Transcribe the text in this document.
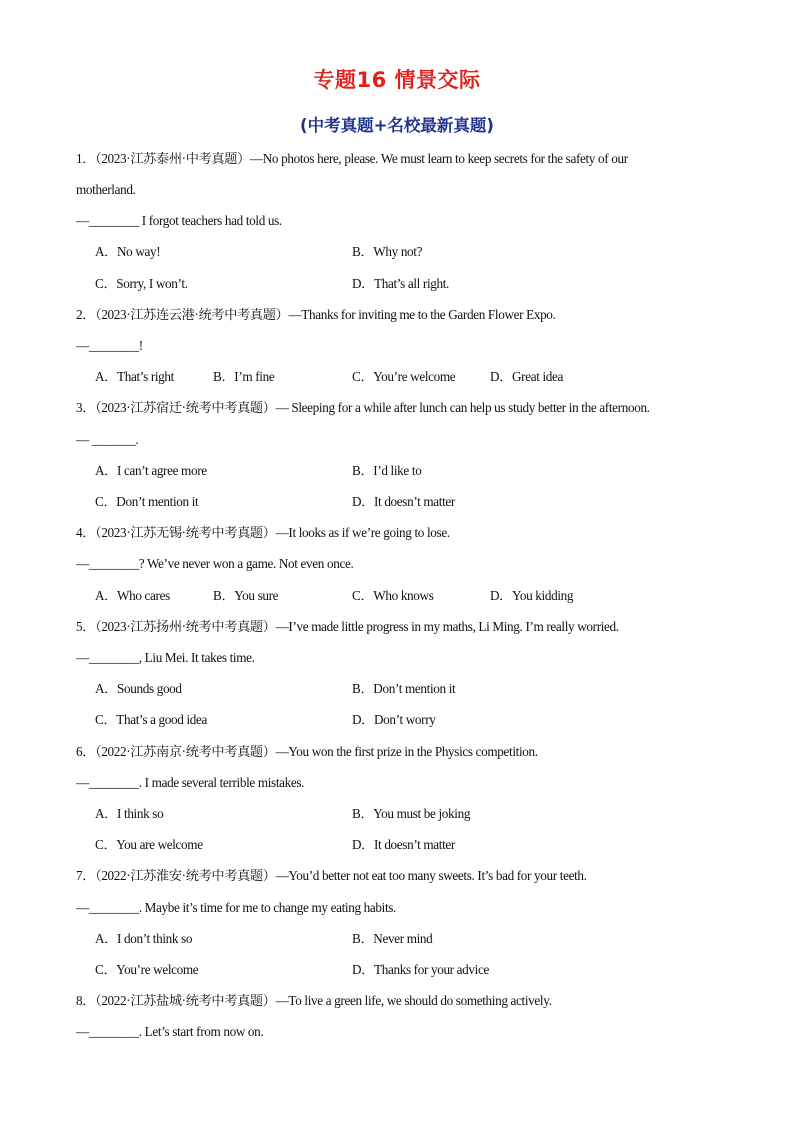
专题16 情景交际
(中考真题+名校最新真题)
1．（2023·江苏泰州·中考真题）—No photos here, please. We must learn to keep secrets for the safety of our
motherland.
—________ I forgot teachers had told us.
A．No way!	B．Why not?
C．Sorry, I won’t.	D．That’s all right.
2．（2023·江苏连云港·统考中考真题）—Thanks for inviting me to the Garden Flower Expo.
—________!
A．That’s right	B．I’m fine	C．You’re welcome	D．Great idea
3．（2023·江苏宿迁·统考中考真题）— Sleeping for a while after lunch can help us study better in the afternoon.
— _______.
A．I can’t agree more	B．I’d like to
C．Don’t mention it	D．It doesn’t matter
4．（2023·江苏无锡·统考中考真题）—It looks as if we’re going to lose.
—________? We’ve never won a game. Not even once.
A．Who cares	B．You sure	C．Who knows	D．You kidding
5．（2023·江苏扬州·统考中考真题）—I’ve made little progress in my maths, Li Ming. I’m really worried.
—________, Liu Mei. It takes time.
A．Sounds good	B．Don’t mention it
C．That’s a good idea	D．Don’t worry
6．（2022·江苏南京·统考中考真题）—You won the first prize in the Physics competition.
—________. I made several terrible mistakes.
A．I think so	B．You must be joking
C．You are welcome	D．It doesn’t matter
7．（2022·江苏淮安·统考中考真题）—You’d better not eat too many sweets. It’s bad for your teeth.
—________. Maybe it’s time for me to change my eating habits.
A．I don’t think so	B．Never mind
C．You’re welcome	D．Thanks for your advice
8．（2022·江苏盐城·统考中考真题）—To live a green life, we should do something actively.
—________. Let’s start from now on.
